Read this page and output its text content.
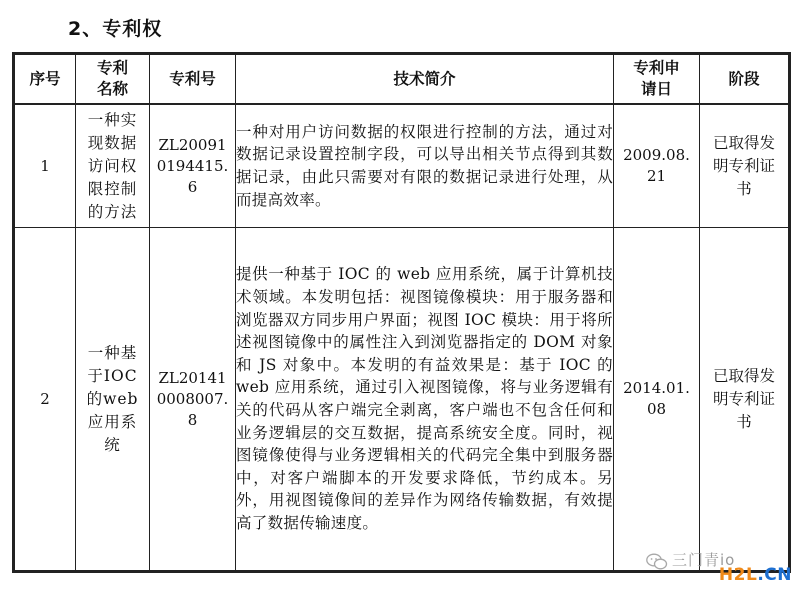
2、专利权
序号	专利名称	专利号	技术简介	专利申请日	阶段
1	一种实现数据访问权限控制的方法	ZL200910194415.6	一种对用户访问数据的权限进行控制的方法，通过对数据记录设置控制字段，可以导出相关节点得到其数据记录，由此只需要对有限的数据记录进行处理，从而提高效率。	2009.08.21	已取得发明专利证书

2	一种基于IOC的web应用系统	ZL201410008007.8	提供一种基于 IOC 的 web 应用系统，属于计算机技术领域。本发明包括：视图镜像模块：用于服务器和浏览器双方同步用户界面；视图 IOC 模块：用于将所述视图镜像中的属性注入到浏览器指定的 DOM 对象和 JS 对象中。本发明的有益效果是：基于 IOC 的 web 应用系统，通过引入视图镜像，将与业务逻辑有关的代码从客户端完全剥离，客户端也不包含任何和业务逻辑层的交互数据，提高系统安全度。同时，视图镜像使得与业务逻辑相关的代码完全集中到服务器中，对客户端脚本的开发要求降低，节约成本。另外，用视图镜像间的差异作为网络传输数据，有效提高了数据传输速度。	2014.01.08	已取得发明专利证书
三门青io
H2L.CN
